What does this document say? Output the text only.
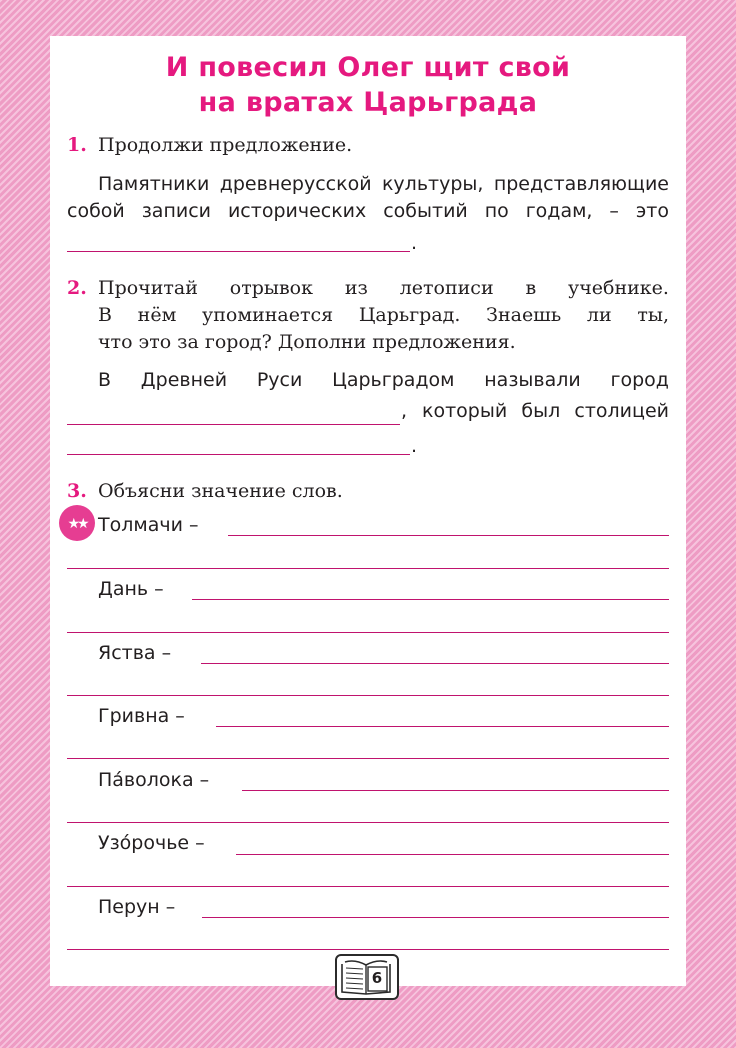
И повесил Олег щит свой
на вратах Царьграда
1. Продолжи предложение.
Памятники древнерусской культуры, представляющие
собой записи исторических событий по годам, – это
.
2. Прочитай отрывок из летописи в учебнике.
В нём упоминается Царьград. Знаешь ли ты,
что это за город? Дополни предложения.
В Древней Руси Царьградом называли город
, который был столицей
.
3. Объясни значение слов.
★★ Толмачи –
Дань –
Яства –
Гривна –
Па́волока –
Узо́рочье –
Перун –
6
